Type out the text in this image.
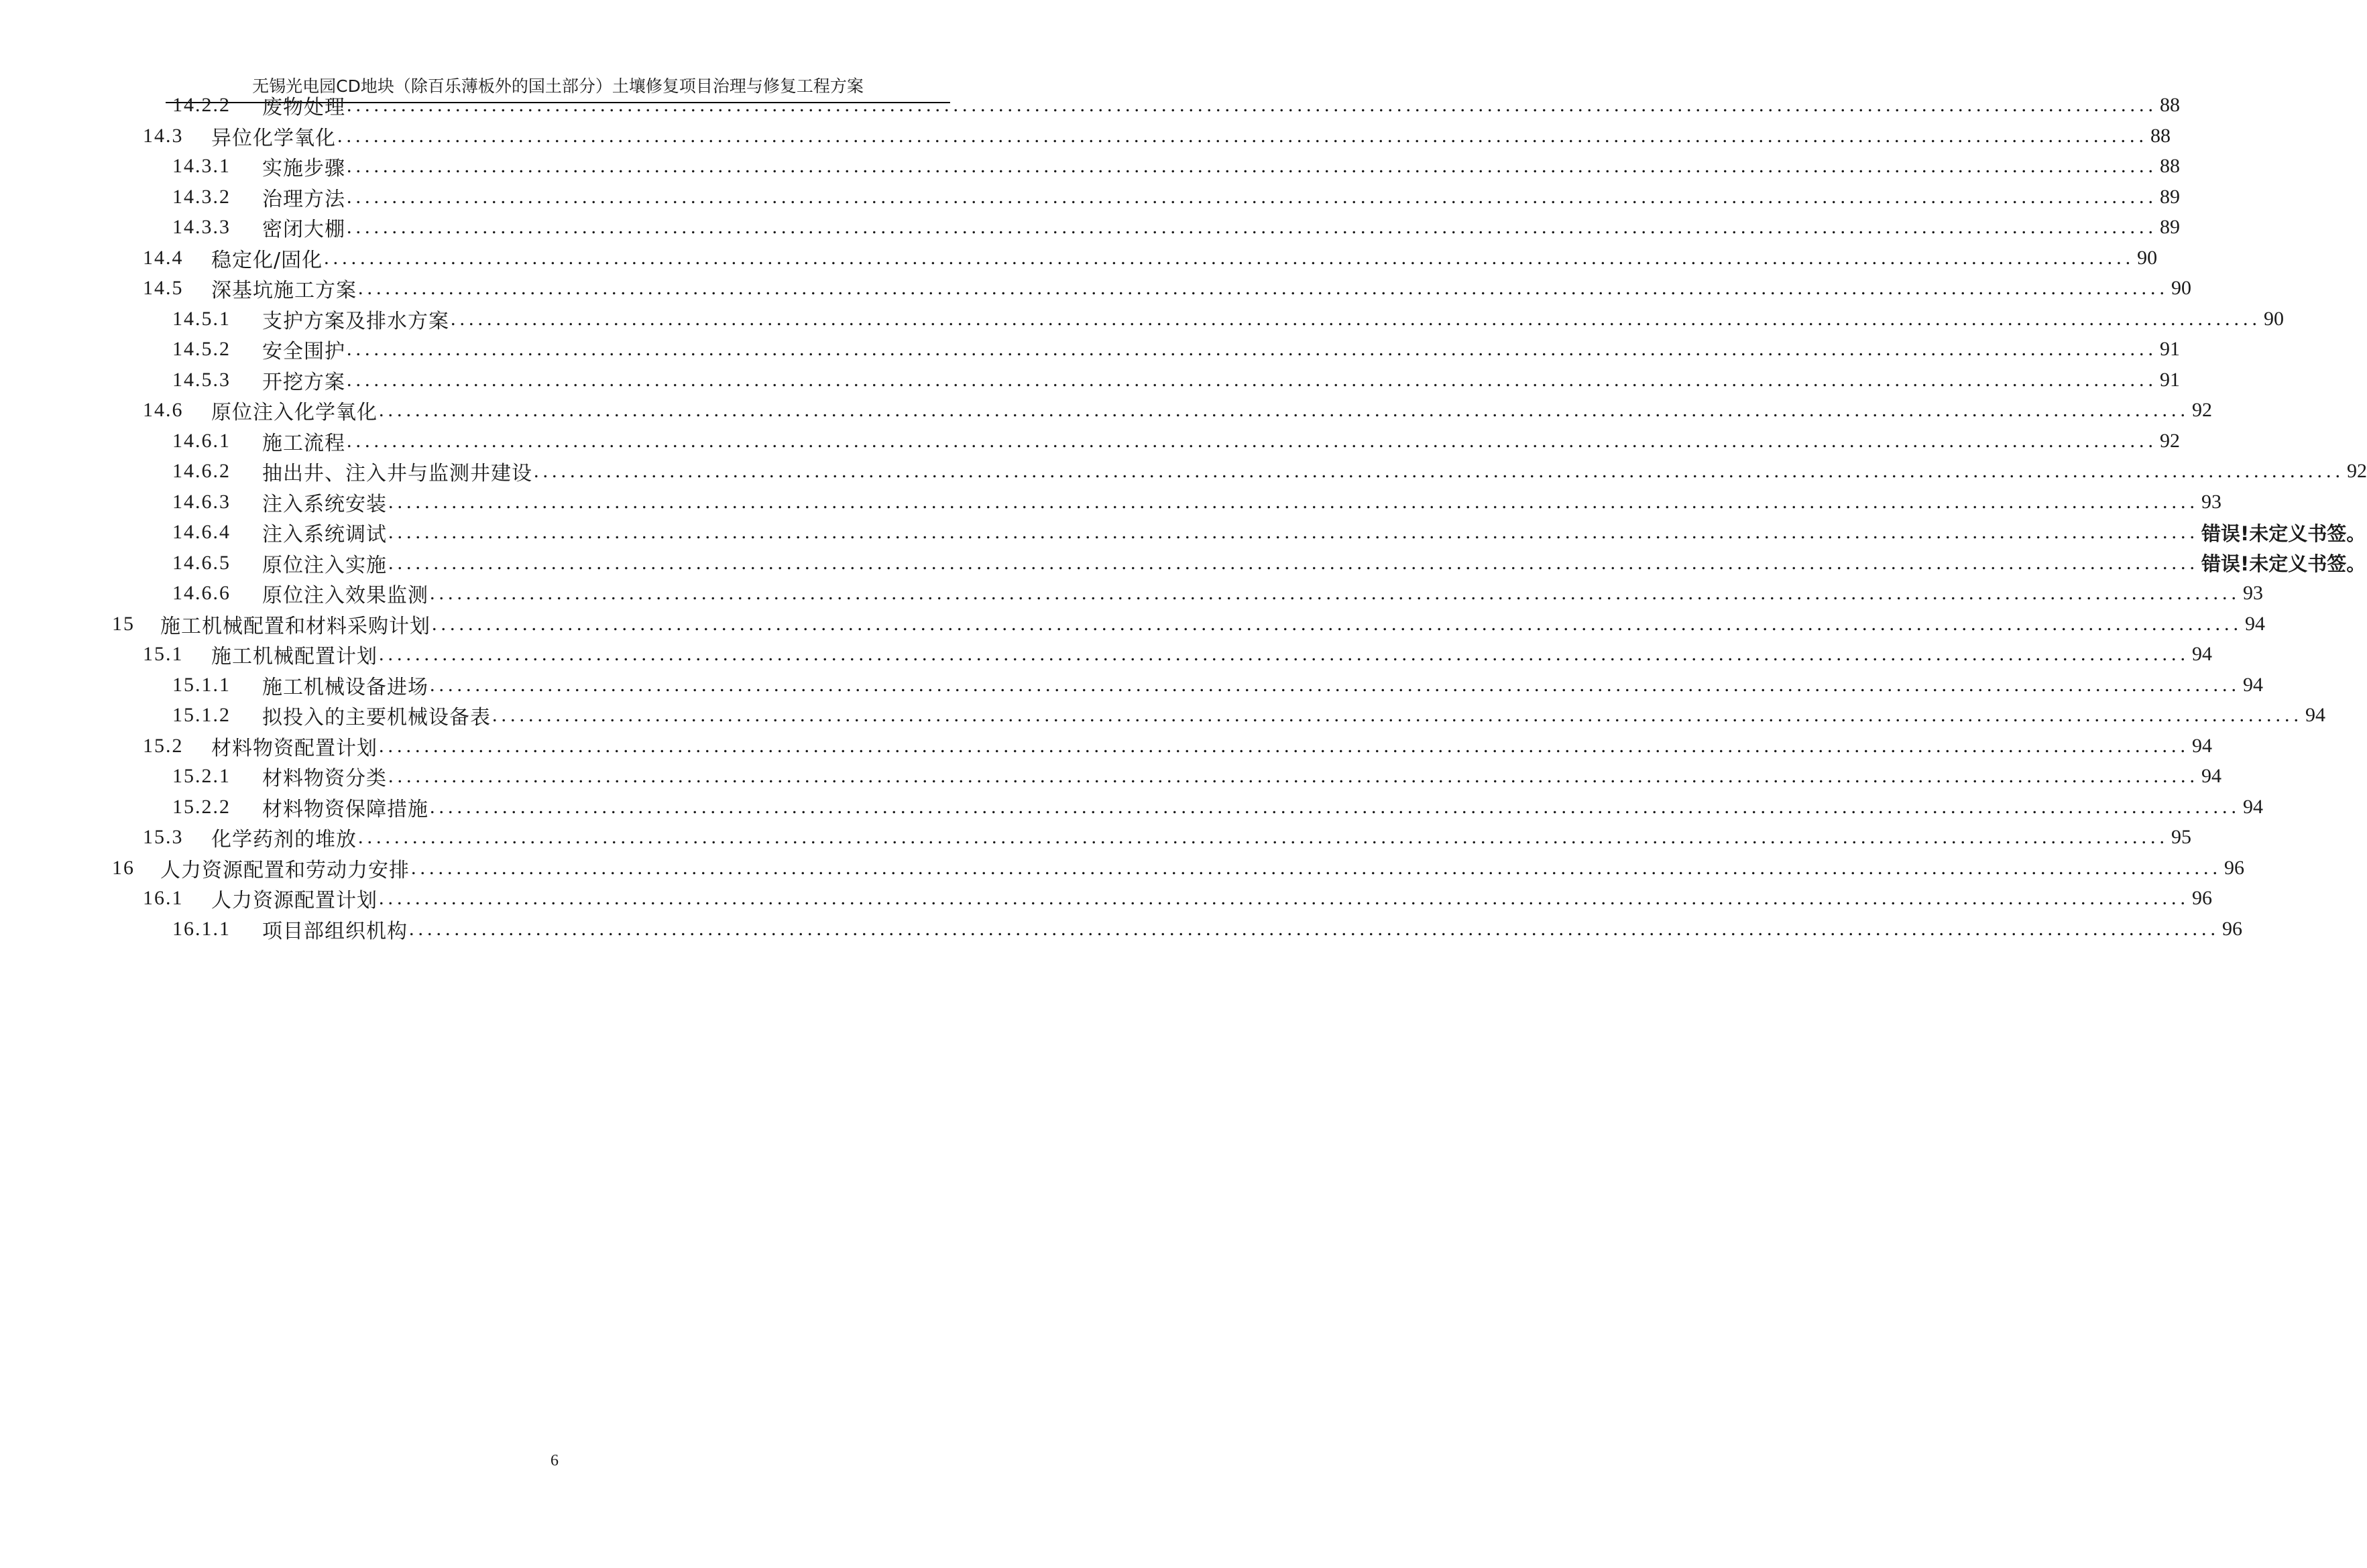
无锡光电园CD地块（除百乐薄板外的国土部分）土壤修复项目治理与修复工程方案
14.2.2	废物处理 ........................................................................................................................................................................................................ 88
14.3	异位化学氧化 ........................................................................................................................................................................................................ 88
14.3.1	实施步骤 ........................................................................................................................................................................................................ 88
14.3.2	治理方法 ........................................................................................................................................................................................................ 89
14.3.3	密闭大棚 ........................................................................................................................................................................................................ 89
14.4	稳定化/固化 ........................................................................................................................................................................................................ 90
14.5	深基坑施工方案 ........................................................................................................................................................................................................ 90
14.5.1	支护方案及排水方案 ........................................................................................................................................................................................................ 90
14.5.2	安全围护 ........................................................................................................................................................................................................ 91
14.5.3	开挖方案 ........................................................................................................................................................................................................ 91
14.6	原位注入化学氧化 ........................................................................................................................................................................................................ 92
14.6.1	施工流程 ........................................................................................................................................................................................................ 92
14.6.2	抽出井、注入井与监测井建设 ........................................................................................................................................................................................................ 92
14.6.3	注入系统安装 ........................................................................................................................................................................................................ 93
14.6.4	注入系统调试 ........................................................................................................................................................................................................ 错误!未定义书签。
14.6.5	原位注入实施 ........................................................................................................................................................................................................ 错误!未定义书签。
14.6.6	原位注入效果监测 ........................................................................................................................................................................................................ 93
15	施工机械配置和材料采购计划 ........................................................................................................................................................................................................ 94
15.1	施工机械配置计划 ........................................................................................................................................................................................................ 94
15.1.1	施工机械设备进场 ........................................................................................................................................................................................................ 94
15.1.2	拟投入的主要机械设备表 ........................................................................................................................................................................................................ 94
15.2	材料物资配置计划 ........................................................................................................................................................................................................ 94
15.2.1	材料物资分类 ........................................................................................................................................................................................................ 94
15.2.2	材料物资保障措施 ........................................................................................................................................................................................................ 94
15.3	化学药剂的堆放 ........................................................................................................................................................................................................ 95
16	人力资源配置和劳动力安排 ........................................................................................................................................................................................................ 96
16.1	人力资源配置计划 ........................................................................................................................................................................................................ 96
16.1.1	项目部组织机构 ........................................................................................................................................................................................................ 96
6
